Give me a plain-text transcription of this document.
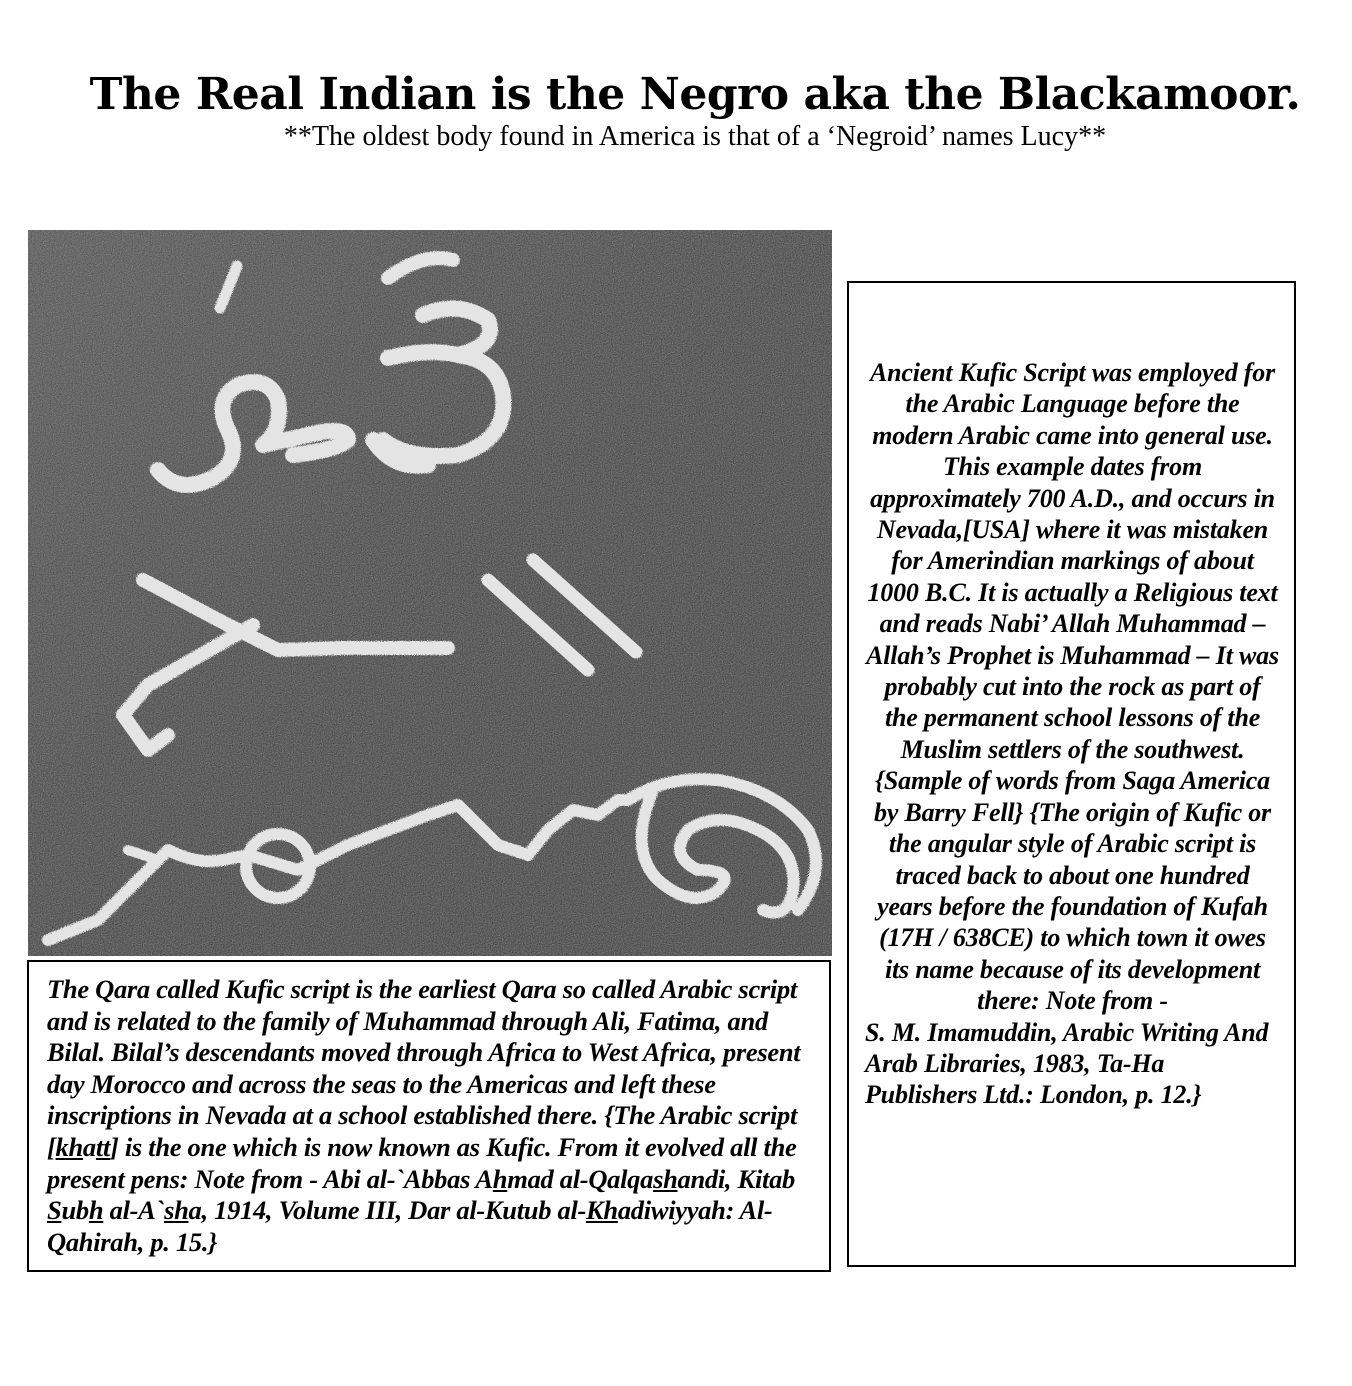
The Real Indian is the Negro aka the Blackamoor.
**The oldest body found in America is that of a ‘Negroid’ names Lucy**

The Qara called Kufic script is the earliest Qara so called Arabic script and is related to the family of Muhammad through Ali, Fatima, and Bilal. Bilal’s descendants moved through Africa to West Africa, present day Morocco and across the seas to the Americas and left these inscriptions in Nevada at a school established there. {The Arabic script [khatt] is the one which is now known as Kufic. From it evolved all the present pens: Note from - Abi al-`Abbas Ahmad al-Qalqashandi, Kitab Subh al-A`sha, 1914, Volume III, Dar al-Kutub al-Khadiwiyyah: Al-Qahirah, p. 15.}

Ancient Kufic Script was employed for the Arabic Language before the modern Arabic came into general use. This example dates from approximately 700 A.D., and occurs in Nevada,[USA] where it was mistaken for Amerindian markings of about 1000 B.C. It is actually a Religious text and reads Nabi’ Allah Muhammad – Allah’s Prophet is Muhammad – It was probably cut into the rock as part of the permanent school lessons of the Muslim settlers of the southwest. {Sample of words from Saga America by Barry Fell} {The origin of Kufic or the angular style of Arabic script is traced back to about one hundred years before the foundation of Kufah (17H / 638CE) to which town it owes its name because of its development there: Note from -

S. M. Imamuddin, Arabic Writing And Arab Libraries, 1983, Ta-Ha Publishers Ltd.: London, p. 12.}
